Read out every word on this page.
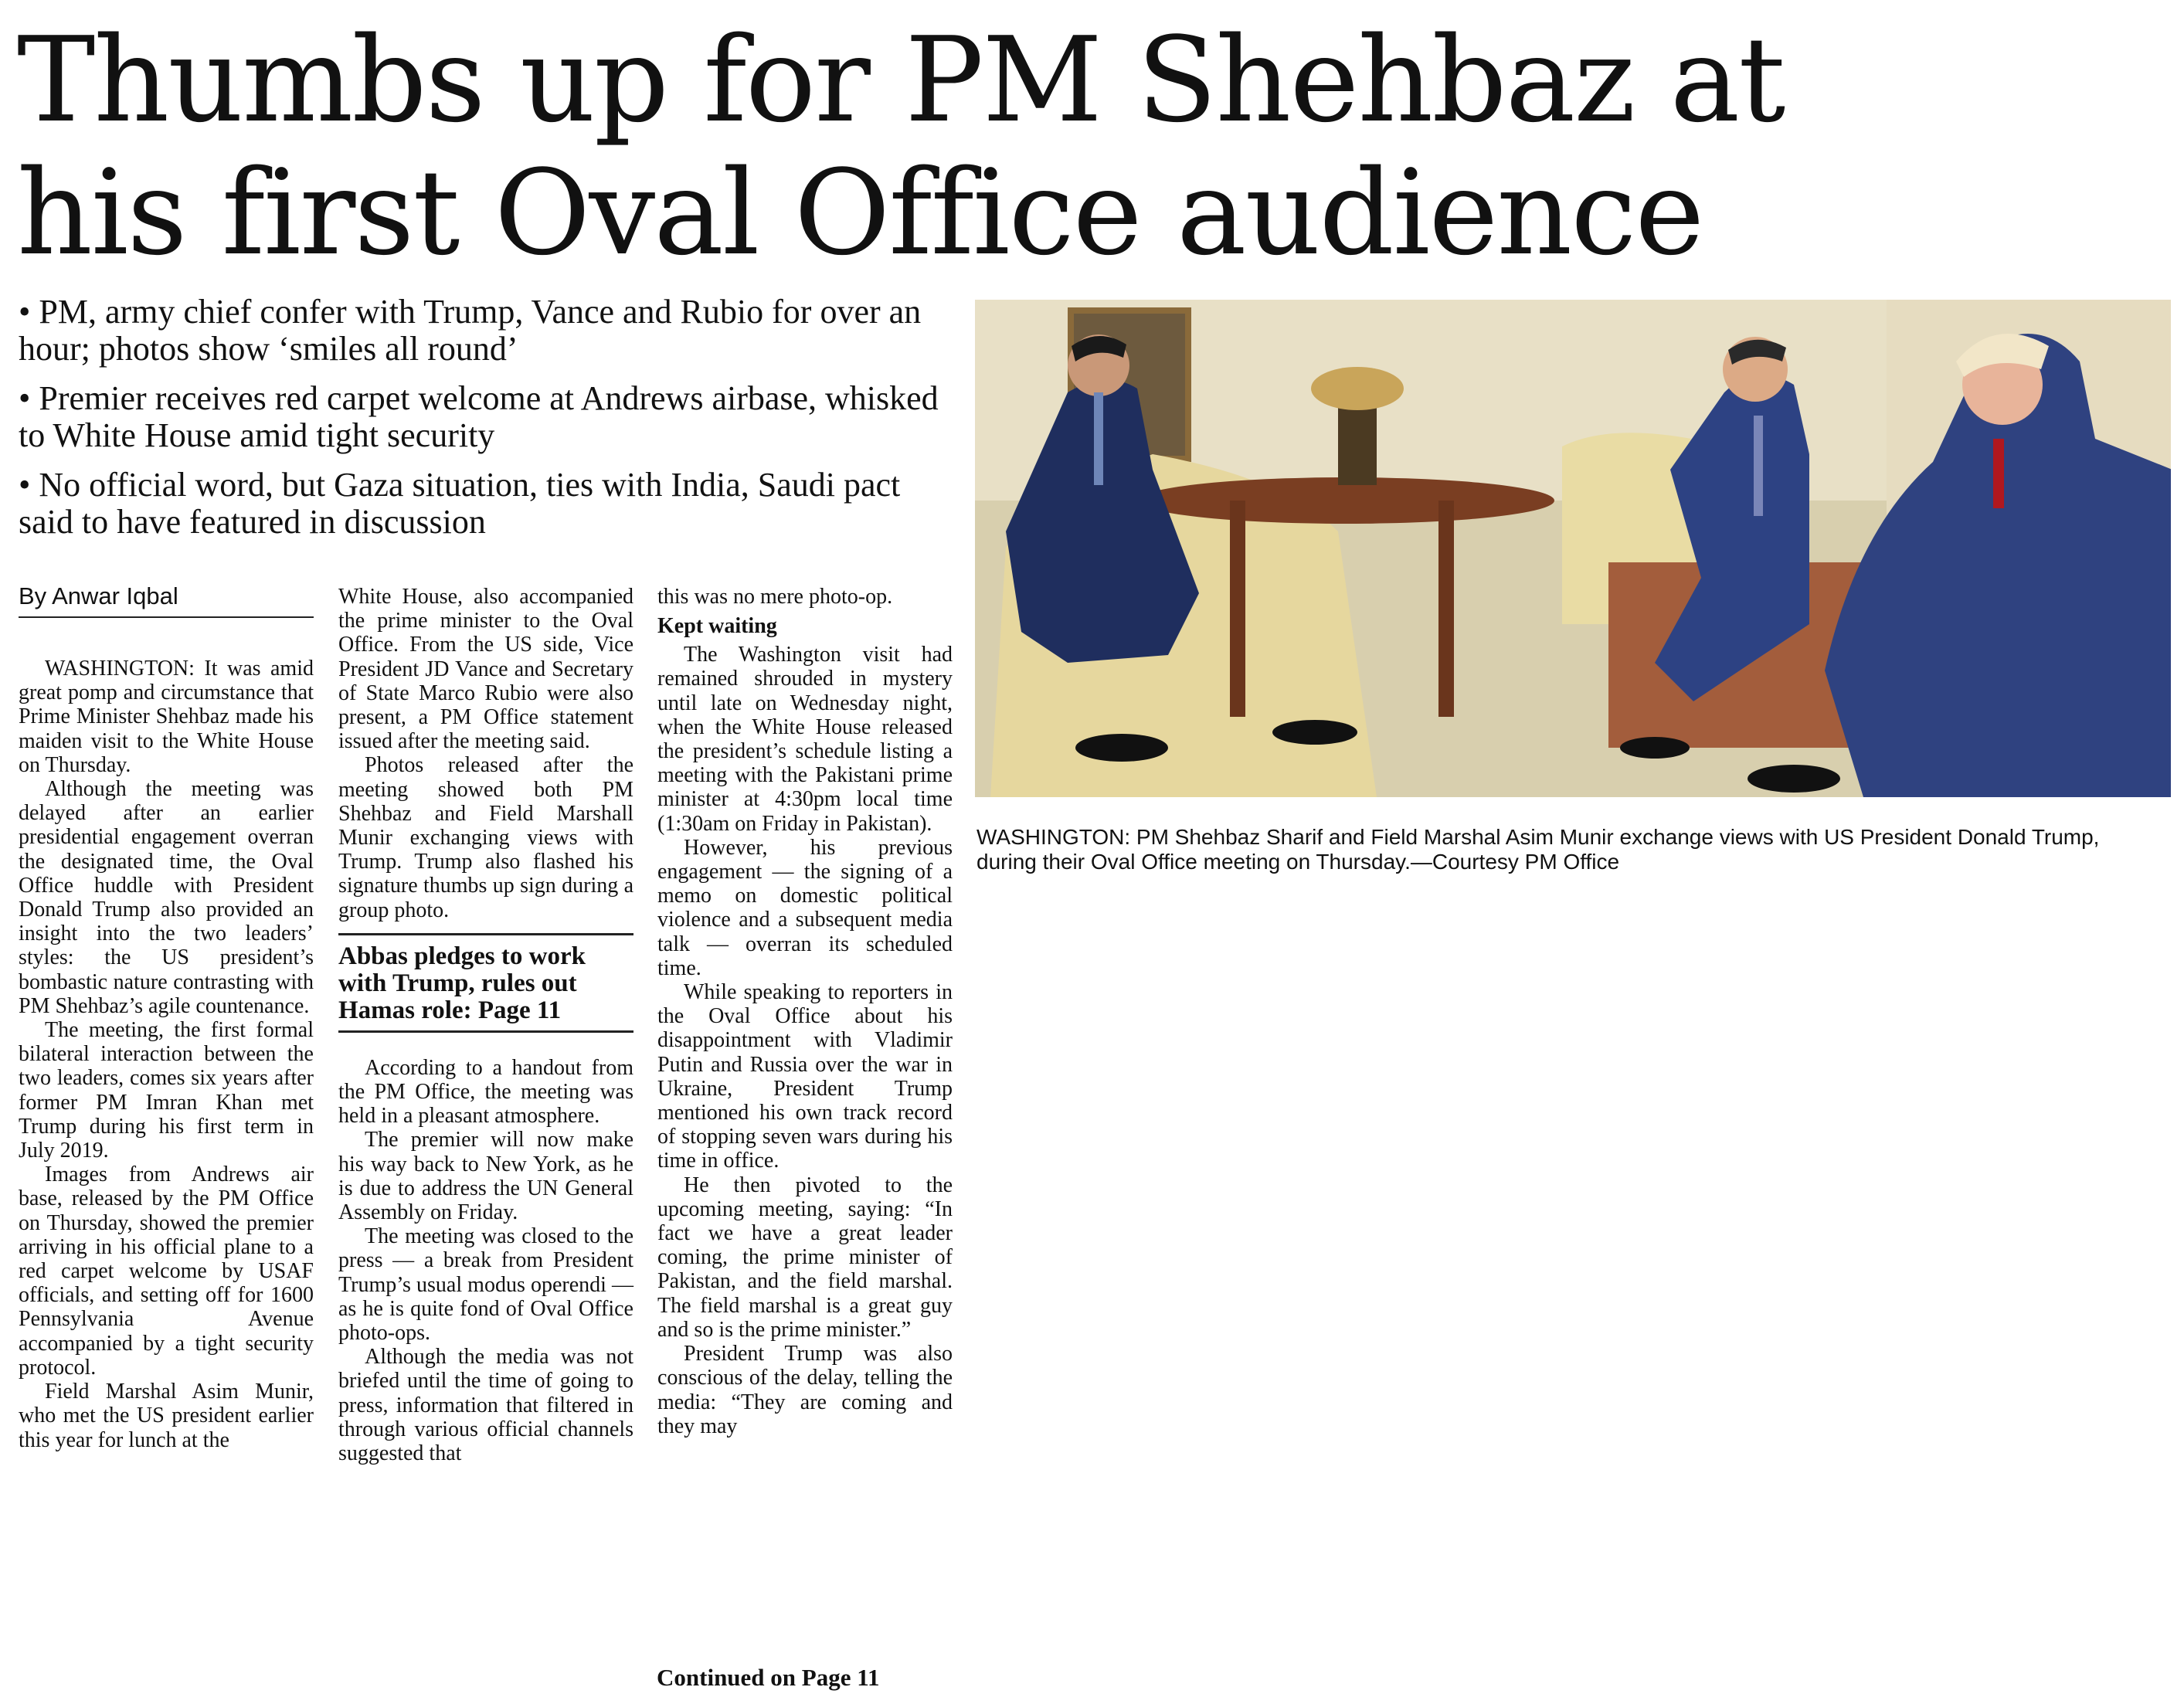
Thumbs up for PM Shehbaz at
his first Oval Office audience
• PM, army chief confer with Trump, Vance and Rubio for over an hour; photos show ‘smiles all round’
• Premier receives red carpet welcome at Andrews airbase, whisked to White House amid tight security
• No official word, but Gaza situation, ties with India, Saudi pact said to have featured in discussion
WASHINGTON: PM Shehbaz Sharif and Field Marshal Asim Munir exchange views with US President Donald Trump, during their Oval Office meeting on Thursday.—Courtesy PM Office
By Anwar Iqbal

WASHINGTON: It was amid great pomp and circumstance that Prime Minister Shehbaz made his maiden visit to the White House on Thursday.

Although the meeting was delayed after an earlier presidential engagement overran the designated time, the Oval Office huddle with President Donald Trump also provided an insight into the two leaders’ styles: the US president’s bombastic nature contrasting with PM Shehbaz’s agile countenance.

The meeting, the first formal bilateral interaction between the two leaders, comes six years after former PM Imran Khan met Trump during his first term in July 2019.

Images from Andrews air base, released by the PM Office on Thursday, showed the premier arriving in his official plane to a red carpet welcome by USAF officials, and setting off for 1600 Pennsylvania Avenue accompanied by a tight security protocol.

Field Marshal Asim Munir, who met the US president earlier this year for lunch at the

White House, also accompanied the prime minister to the Oval Office. From the US side, Vice President JD Vance and Secretary of State Marco Rubio were also present, a PM Office statement issued after the meeting said.

Photos released after the meeting showed both PM Shehbaz and Field Marshall Munir exchanging views with Trump. Trump also flashed his signature thumbs up sign during a group photo.

Abbas pledges to work with Trump, rules out Hamas role: Page 11

According to a handout from the PM Office, the meeting was held in a pleasant atmosphere.

The premier will now make his way back to New York, as he is due to address the UN General Assembly on Friday.

The meeting was closed to the press — a break from President Trump’s usual modus operendi — as he is quite fond of Oval Office photo-ops.

Although the media was not briefed until the time of going to press, information that filtered in through various official channels suggested that

this was no mere photo-op.

Kept waiting

The Washington visit had remained shrouded in mystery until late on Wednesday night, when the White House released the president’s schedule listing a meeting with the Pakistani prime minister at 4:30pm local time (1:30am on Friday in Pakistan).

However, his previous engagement — the signing of a memo on domestic political violence and a subsequent media talk — overran its scheduled time.

While speaking to reporters in the Oval Office about his disappointment with Vladimir Putin and Russia over the war in Ukraine, President Trump mentioned his own track record of stopping seven wars during his time in office.

He then pivoted to the upcoming meeting, saying: “In fact we have a great leader coming, the prime minister of Pakistan, and the field marshal. The field marshal is a great guy and so is the prime minister.”

President Trump was also conscious of the delay, telling the media: “They are coming and they may

Continued on Page 11
